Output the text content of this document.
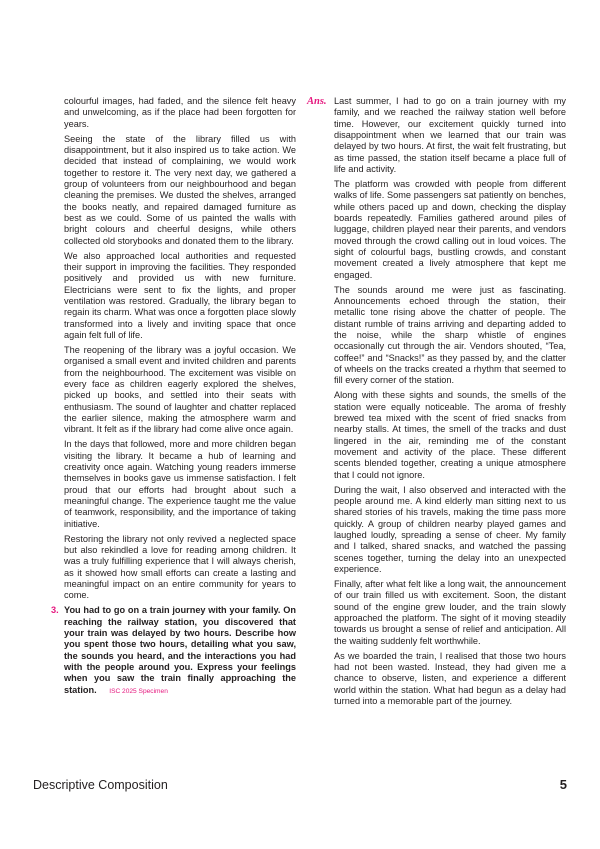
colourful images, had faded, and the silence felt heavy and unwelcoming, as if the place had been forgotten for years.

Seeing the state of the library filled us with disappointment, but it also inspired us to take action. We decided that instead of complaining, we would work together to restore it. The very next day, we gathered a group of volunteers from our neighbourhood and began cleaning the premises. We dusted the shelves, arranged the books neatly, and repaired damaged furniture as best as we could. Some of us painted the walls with bright colours and cheerful designs, while others collected old storybooks and donated them to the library.

We also approached local authorities and requested their support in improving the facilities. They responded positively and provided us with new furniture. Electricians were sent to fix the lights, and proper ventilation was restored. Gradually, the library began to regain its charm. What was once a forgotten place slowly transformed into a lively and inviting space that once again felt full of life.

The reopening of the library was a joyful occasion. We organised a small event and invited children and parents from the neighbourhood. The excitement was visible on every face as children eagerly explored the shelves, picked up books, and settled into their seats with enthusiasm. The sound of laughter and chatter replaced the earlier silence, making the atmosphere warm and vibrant. It felt as if the library had come alive once again.

In the days that followed, more and more children began visiting the library. It became a hub of learning and creativity once again. Watching young readers immerse themselves in books gave us immense satisfaction. I felt proud that our efforts had brought about such a meaningful change. The experience taught me the value of teamwork, responsibility, and the importance of taking initiative.

Restoring the library not only revived a neglected space but also rekindled a love for reading among children. It was a truly fulfilling experience that I will always cherish, as it showed how small efforts can create a lasting and meaningful impact on an entire community for years to come.

3. You had to go on a train journey with your family. On reaching the railway station, you discovered that your train was delayed by two hours. Describe how you spent those two hours, detailing what you saw, the sounds you heard, and the interactions you had with the people around you. Express your feelings when you saw the train finally approaching the station. ISC 2025 Specimen
Ans. Last summer, I had to go on a train journey with my family, and we reached the railway station well before time. However, our excitement quickly turned into disappointment when we learned that our train was delayed by two hours. At first, the wait felt frustrating, but as time passed, the station itself became a place full of life and activity.

The platform was crowded with people from different walks of life. Some passengers sat patiently on benches, while others paced up and down, checking the display boards repeatedly. Families gathered around piles of luggage, children played near their parents, and vendors moved through the crowd calling out in loud voices. The sight of colourful bags, bustling crowds, and constant movement created a lively atmosphere that kept me engaged.

The sounds around me were just as fascinating. Announcements echoed through the station, their metallic tone rising above the chatter of people. The distant rumble of trains arriving and departing added to the noise, while the sharp whistle of engines occasionally cut through the air. Vendors shouted, “Tea, coffee!” and “Snacks!” as they passed by, and the clatter of wheels on the tracks created a rhythm that seemed to fill every corner of the station.

Along with these sights and sounds, the smells of the station were equally noticeable. The aroma of freshly brewed tea mixed with the scent of fried snacks from nearby stalls. At times, the smell of the tracks and dust lingered in the air, reminding me of the constant movement and activity of the place. These different scents blended together, creating a unique atmosphere that I could not ignore.

During the wait, I also observed and interacted with the people around me. A kind elderly man sitting next to us shared stories of his travels, making the time pass more quickly. A group of children nearby played games and laughed loudly, spreading a sense of cheer. My family and I talked, shared snacks, and watched the passing scenes together, turning the delay into an unexpected experience.

Finally, after what felt like a long wait, the announcement of our train filled us with excitement. Soon, the distant sound of the engine grew louder, and the train slowly approached the platform. The sight of it moving steadily towards us brought a sense of relief and anticipation. All the waiting suddenly felt worthwhile.

As we boarded the train, I realised that those two hours had not been wasted. Instead, they had given me a chance to observe, listen, and experience a different world within the station. What had begun as a delay had turned into a memorable part of the journey.

Descriptive Composition	5
